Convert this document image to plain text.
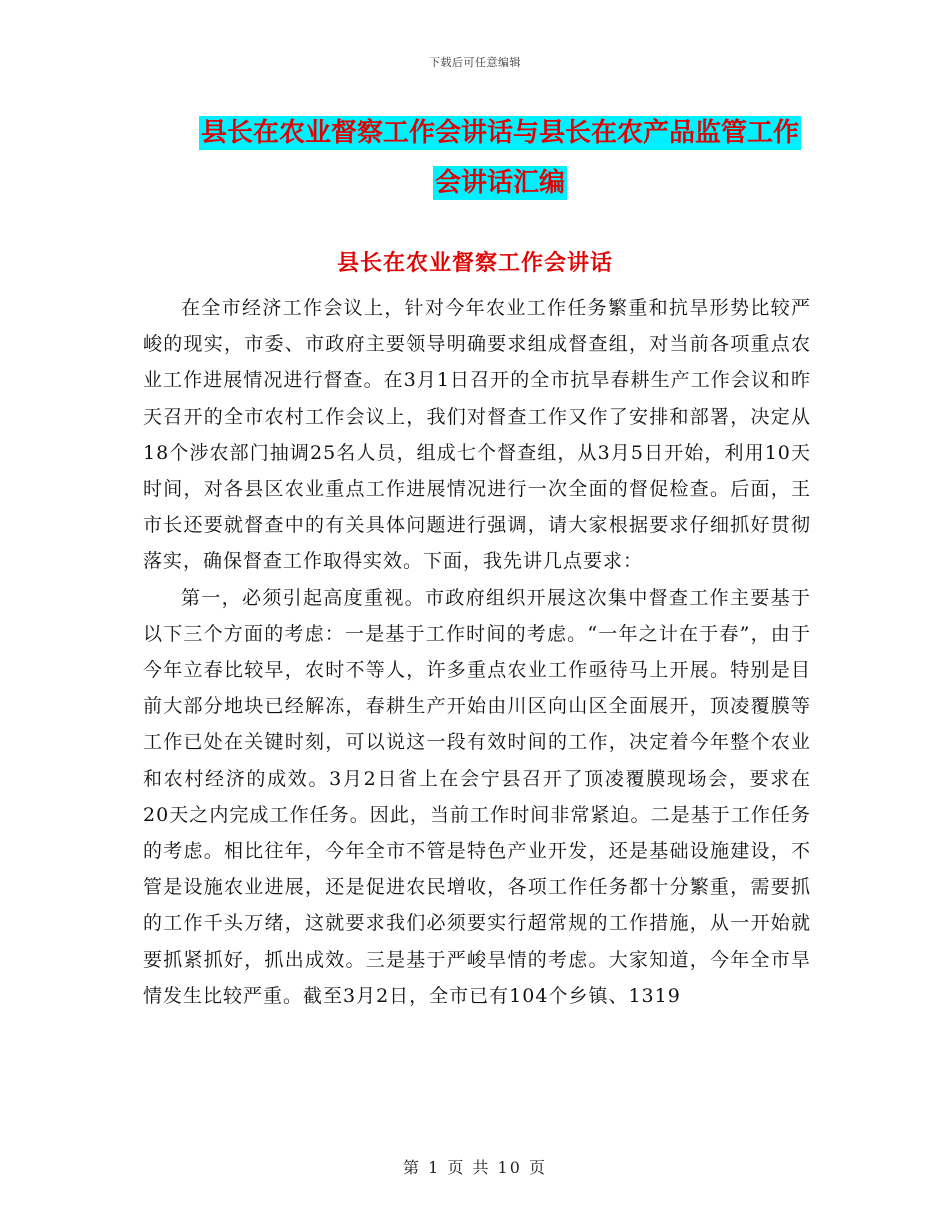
下载后可任意编辑
县长在农业督察工作会讲话与县长在农产品监管工作
会讲话汇编
县长在农业督察工作会讲话

在全市经济工作会议上，针对今年农业工作任务繁重和抗旱形势比较严峻的现实，市委、市政府主要领导明确要求组成督查组，对当前各项重点农业工作进展情况进行督查。在3月1日召开的全市抗旱春耕生产工作会议和昨天召开的全市农村工作会议上，我们对督查工作又作了安排和部署，决定从18个涉农部门抽调25名人员，组成七个督查组，从3月5日开始，利用10天时间，对各县区农业重点工作进展情况进行一次全面的督促检查。后面，王市长还要就督查中的有关具体问题进行强调，请大家根据要求仔细抓好贯彻落实，确保督查工作取得实效。下面，我先讲几点要求：

第一，必须引起高度重视。市政府组织开展这次集中督查工作主要基于以下三个方面的考虑：一是基于工作时间的考虑。“一年之计在于春”，由于今年立春比较早，农时不等人，许多重点农业工作亟待马上开展。特别是目前大部分地块已经解冻，春耕生产开始由川区向山区全面展开，顶凌覆膜等工作已处在关键时刻，可以说这一段有效时间的工作，决定着今年整个农业和农村经济的成效。3月2日省上在会宁县召开了顶凌覆膜现场会，要求在20天之内完成工作任务。因此，当前工作时间非常紧迫。二是基于工作任务的考虑。相比往年，今年全市不管是特色产业开发，还是基础设施建设，不管是设施农业进展，还是促进农民增收，各项工作任务都十分繁重，需要抓的工作千头万绪，这就要求我们必须要实行超常规的工作措施，从一开始就要抓紧抓好，抓出成效。三是基于严峻旱情的考虑。大家知道，今年全市旱情发生比较严重。截至3月2日，全市已有104个乡镇、1319

第 1 页 共 10 页
